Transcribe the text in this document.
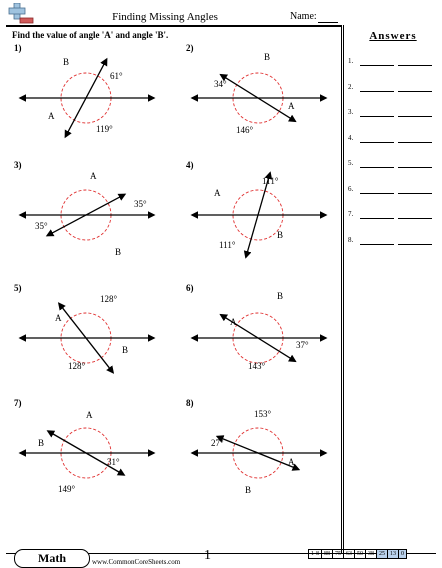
Finding Missing Angles	Name:
Find the value of angle 'A' and angle 'B'.	Answers
1.
2.
3.
4.
5.
6.
7.
8.
1)
B
61°
A
119°
2)
B
34°
A
146°
3)
A
35°
35°
B
4)
111°
A
B
111°
5)
128°
A
B
128°
6)
B
A
37°
143°
7)
A
B
31°
149°
8)
153°
27°
A
B
Math	www.CommonCoreSheets.com 1	1-8	88	75	63	50	38	25	13	0
